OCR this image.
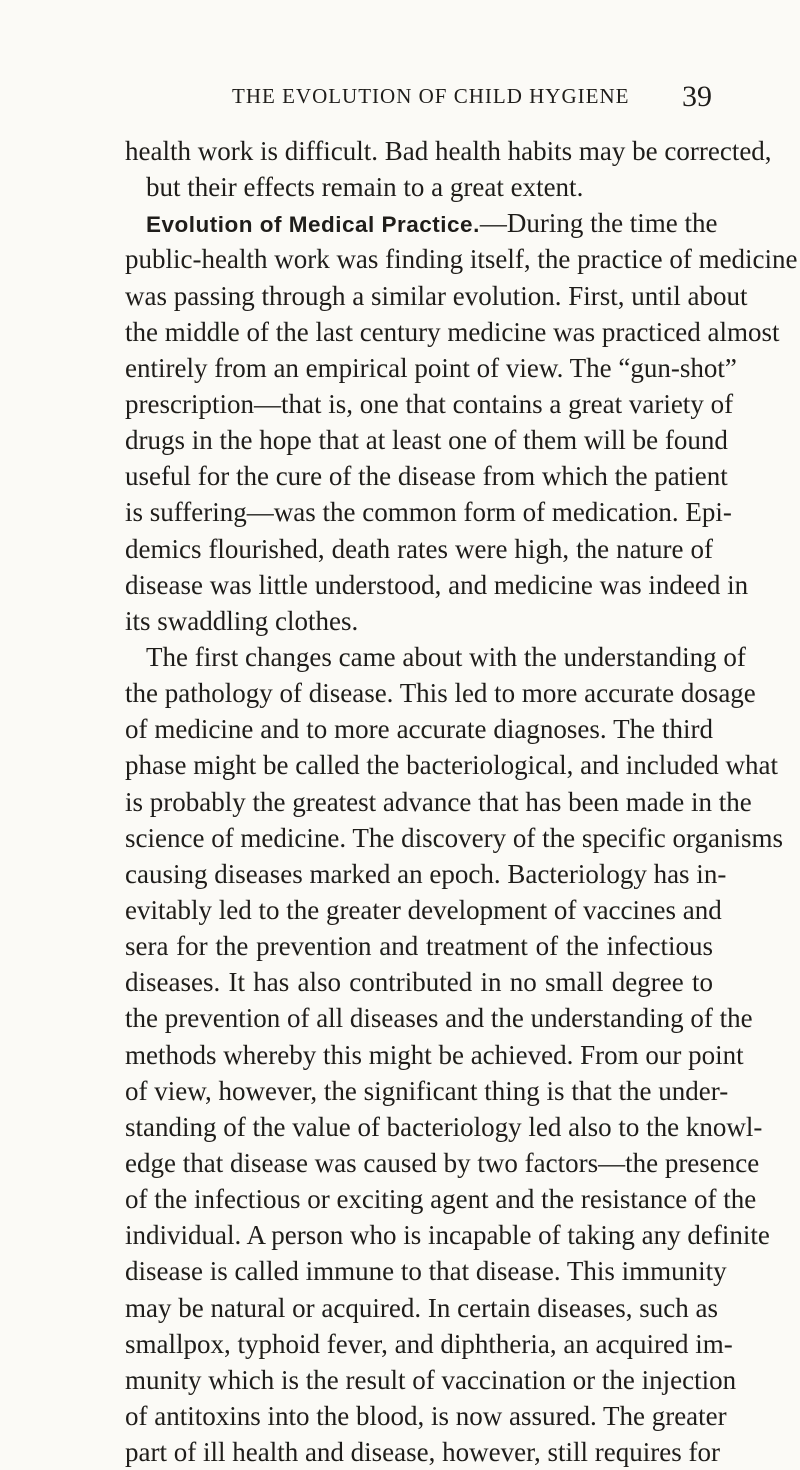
THE EVOLUTION OF CHILD HYGIENE 39
health work is difficult. Bad health habits may be corrected,
but their effects remain to a great extent.
Evolution of Medical Practice.—During the time the
public-health work was finding itself, the practice of medicine
was passing through a similar evolution. First, until about
the middle of the last century medicine was practiced almost
entirely from an empirical point of view. The “gun-shot”
prescription—that is, one that contains a great variety of
drugs in the hope that at least one of them will be found
useful for the cure of the disease from which the patient
is suffering—was the common form of medication. Epi-
demics flourished, death rates were high, the nature of
disease was little understood, and medicine was indeed in
its swaddling clothes.
The first changes came about with the understanding of
the pathology of disease. This led to more accurate dosage
of medicine and to more accurate diagnoses. The third
phase might be called the bacteriological, and included what
is probably the greatest advance that has been made in the
science of medicine. The discovery of the specific organisms
causing diseases marked an epoch. Bacteriology has in-
evitably led to the greater development of vaccines and
sera for the prevention and treatment of the infectious
diseases. It has also contributed in no small degree to
the prevention of all diseases and the understanding of the
methods whereby this might be achieved. From our point
of view, however, the significant thing is that the under-
standing of the value of bacteriology led also to the knowl-
edge that disease was caused by two factors—the presence
of the infectious or exciting agent and the resistance of the
individual. A person who is incapable of taking any definite
disease is called immune to that disease. This immunity
may be natural or acquired. In certain diseases, such as
smallpox, typhoid fever, and diphtheria, an acquired im-
munity which is the result of vaccination or the injection
of antitoxins into the blood, is now assured. The greater
part of ill health and disease, however, still requires for
